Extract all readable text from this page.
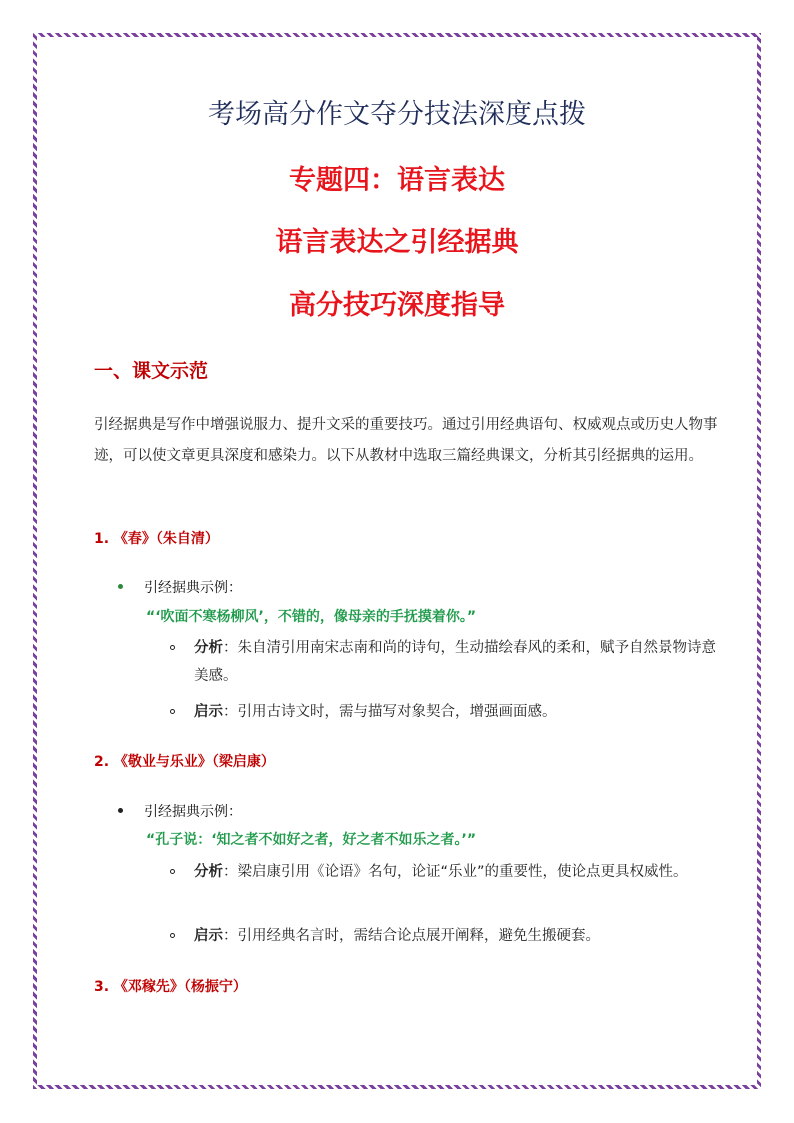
考场高分作文夺分技法深度点拨
专题四：语言表达
语言表达之引经据典
高分技巧深度指导
一、课文示范

引经据典是写作中增强说服力、提升文采的重要技巧。通过引用经典语句、权威观点或历史人物事迹，可以使文章更具深度和感染力。以下从教材中选取三篇经典课文，分析其引经据典的运用。

1. 《春》（朱自清）

引经据典示例：

“‘吹面不寒杨柳风’，不错的，像母亲的手抚摸着你。”

分析：朱自清引用南宋志南和尚的诗句，生动描绘春风的柔和，赋予自然景物诗意美感。

启示：引用古诗文时，需与描写对象契合，增强画面感。

2. 《敬业与乐业》（梁启康）

引经据典示例：

“孔子说：‘知之者不如好之者，好之者不如乐之者。’”

分析：梁启康引用《论语》名句，论证“乐业”的重要性，使论点更具权威性。

启示：引用经典名言时，需结合论点展开阐释，避免生搬硬套。

3. 《邓稼先》（杨振宁）
